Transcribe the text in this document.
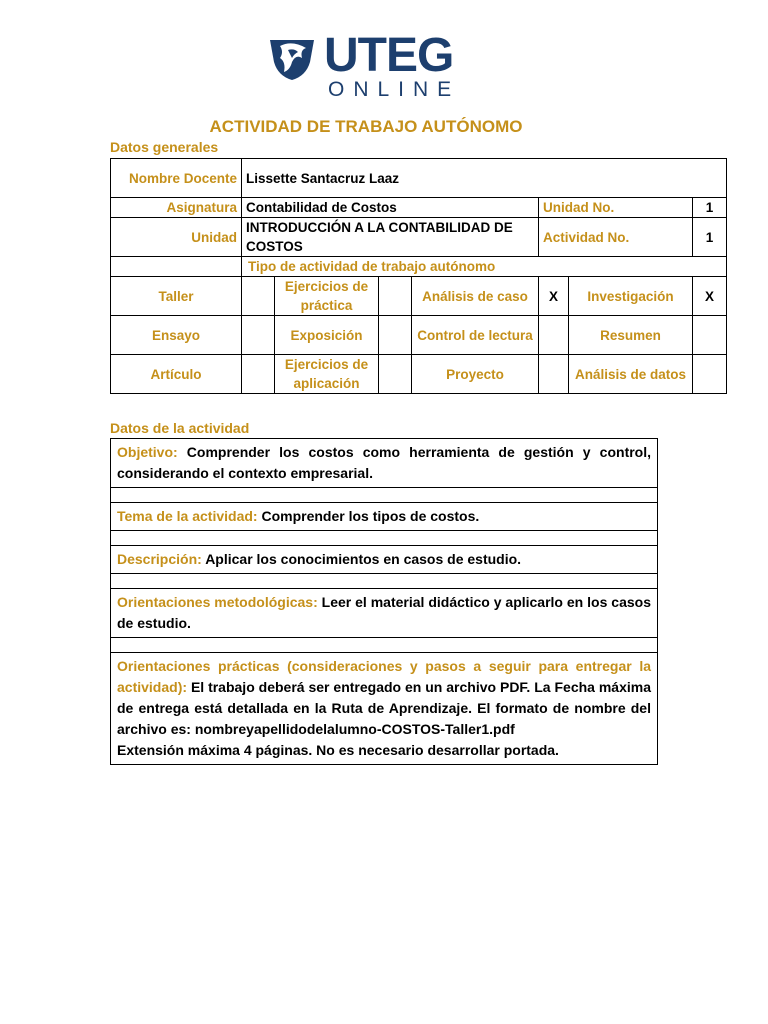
UTEG
ONLINE
ACTIVIDAD DE TRABAJO AUTÓNOMO
Datos generales
Nombre Docente	Lissette Santacruz Laaz						
Asignatura	Contabilidad de Costos				Unidad No.		1
Unidad	INTRODUCCIÓN A LA CONTABILIDAD DE COSTOS				Actividad No.		1
	Tipo de actividad de trabajo autónomo						
Taller		Ejercicios de práctica		Análisis de caso	X	Investigación	X
Ensayo		Exposición		Control de lectura		Resumen	
Artículo		Ejercicios de aplicación		Proyecto		Análisis de datos	
Datos de la actividad
Objetivo: Comprender los costos como herramienta de gestión y control, considerando el contexto empresarial.

Tema de la actividad: Comprender los tipos de costos.

Descripción: Aplicar los conocimientos en casos de estudio.

Orientaciones metodológicas: Leer el material didáctico y aplicarlo en los casos de estudio.

Orientaciones prácticas (consideraciones y pasos a seguir para entregar la actividad): El trabajo deberá ser entregado en un archivo PDF. La Fecha máxima de entrega está detallada en la Ruta de Aprendizaje. El formato de nombre del archivo es: nombreyapellidodelalumno-COSTOS-Taller1.pdf
Extensión máxima 4 páginas. No es necesario desarrollar portada.
